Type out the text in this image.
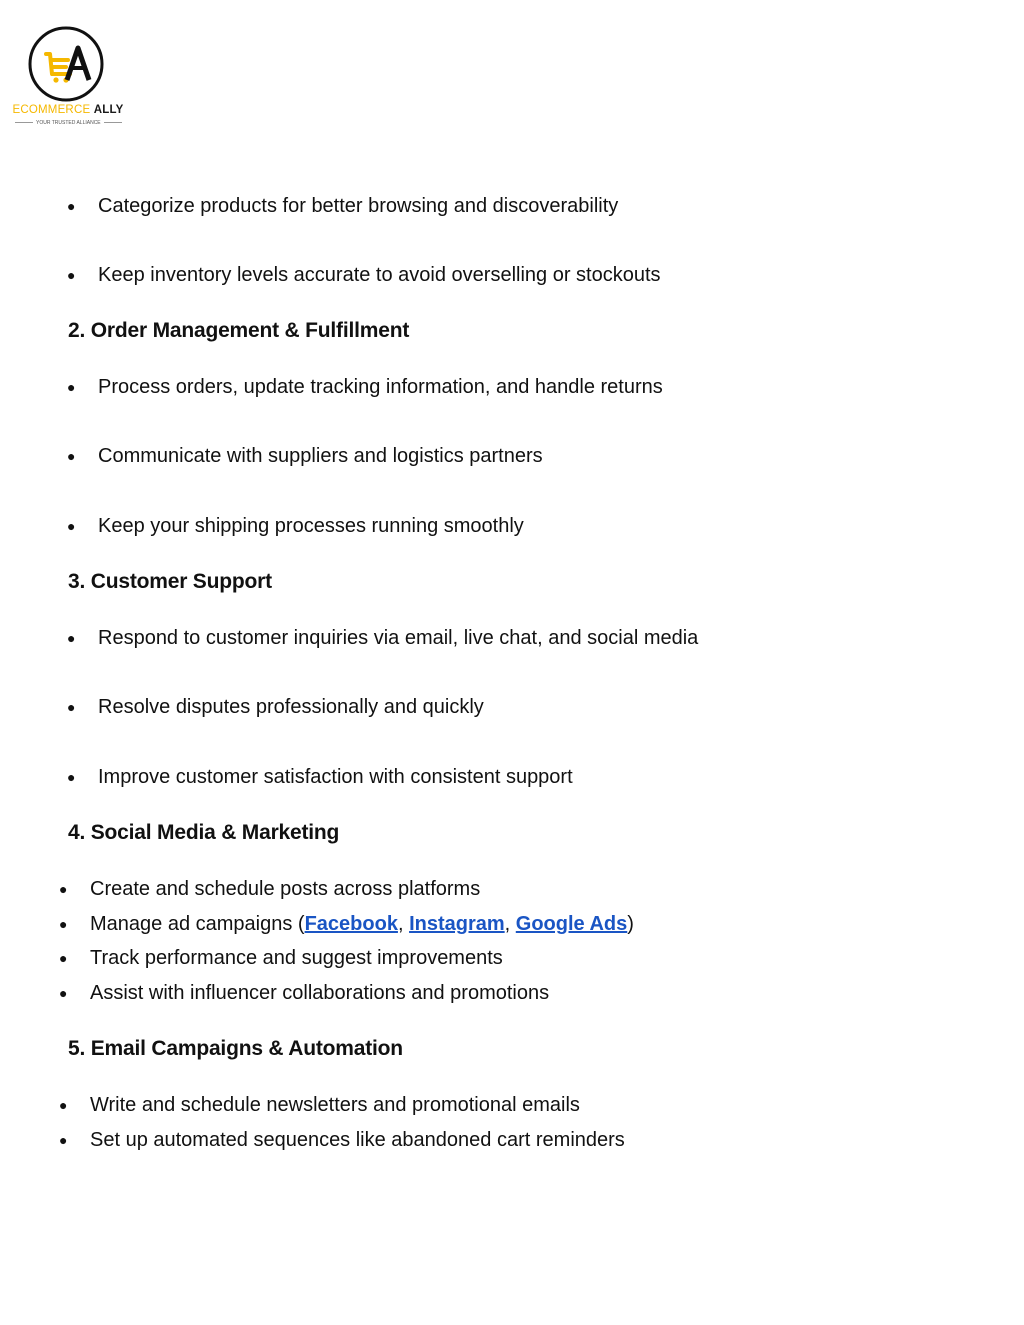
ECOMMERCE ALLY
YOUR TRUSTED ALLIANCE
● Categorize products for better browsing and discoverability
● Keep inventory levels accurate to avoid overselling or stockouts
2. Order Management & Fulfillment
● Process orders, update tracking information, and handle returns
● Communicate with suppliers and logistics partners
● Keep your shipping processes running smoothly
3. Customer Support
● Respond to customer inquiries via email, live chat, and social media
● Resolve disputes professionally and quickly
● Improve customer satisfaction with consistent support
4. Social Media & Marketing
● Create and schedule posts across platforms
● Manage ad campaigns (Facebook, Instagram, Google Ads)
● Track performance and suggest improvements
● Assist with influencer collaborations and promotions
5. Email Campaigns & Automation
● Write and schedule newsletters and promotional emails
● Set up automated sequences like abandoned cart reminders
